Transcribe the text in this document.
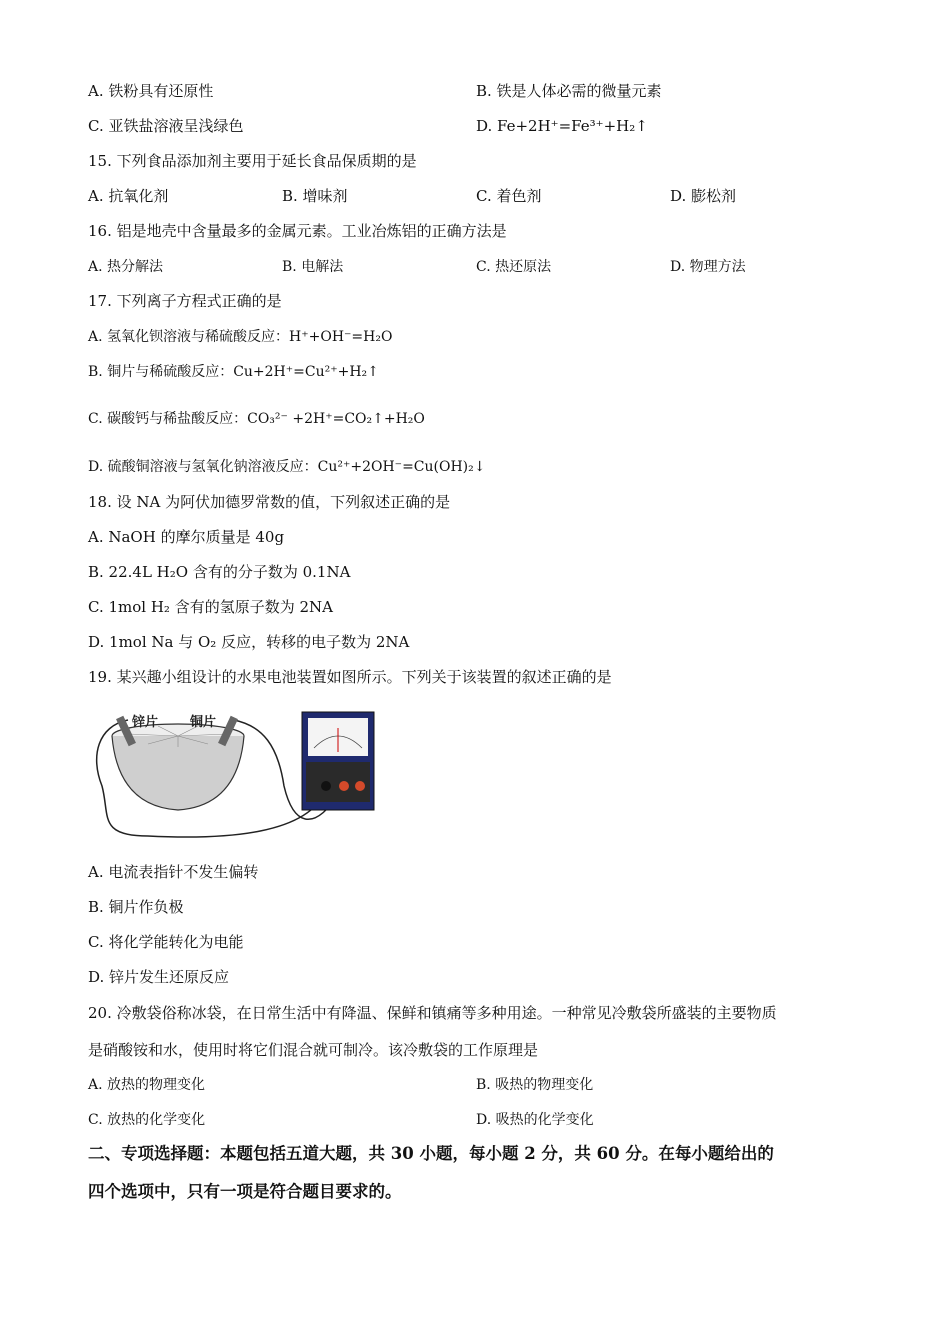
A. 铁粉具有还原性	B. 铁是人体必需的微量元素
C. 亚铁盐溶液呈浅绿色	D. Fe+2H⁺=Fe³⁺+H₂↑
15. 下列食品添加剂主要用于延长食品保质期的是
A. 抗氧化剂	B. 增味剂	C. 着色剂	D. 膨松剂
16. 铝是地壳中含量最多的金属元素。工业冶炼铝的正确方法是
A. 热分解法	B. 电解法	C. 热还原法	D. 物理方法
17. 下列离子方程式正确的是
A. 氢氧化钡溶液与稀硫酸反应：H⁺+OH⁻=H₂O
B. 铜片与稀硫酸反应：Cu+2H⁺=Cu²⁺+H₂↑
C. 碳酸钙与稀盐酸反应：CO₃²⁻ +2H⁺=CO₂↑+H₂O
D. 硫酸铜溶液与氢氧化钠溶液反应：Cu²⁺+2OH⁻=Cu(OH)₂↓
18. 设 NA 为阿伏加德罗常数的值，下列叙述正确的是
A. NaOH 的摩尔质量是 40g
B. 22.4L H₂O 含有的分子数为 0.1NA
C. 1mol H₂ 含有的氢原子数为 2NA
D. 1mol Na 与 O₂ 反应，转移的电子数为 2NA
19. 某兴趣小组设计的水果电池装置如图所示。下列关于该装置的叙述正确的是
锌片 铜片
A. 电流表指针不发生偏转
B. 铜片作负极
C. 将化学能转化为电能
D. 锌片发生还原反应
20. 冷敷袋俗称冰袋，在日常生活中有降温、保鲜和镇痛等多种用途。一种常见冷敷袋所盛装的主要物质
是硝酸铵和水，使用时将它们混合就可制冷。该冷敷袋的工作原理是
A. 放热的物理变化	B. 吸热的物理变化
C. 放热的化学变化	D. 吸热的化学变化
二、专项选择题：本题包括五道大题，共 30 小题，每小题 2 分，共 60 分。在每小题给出的
四个选项中，只有一项是符合题目要求的。
